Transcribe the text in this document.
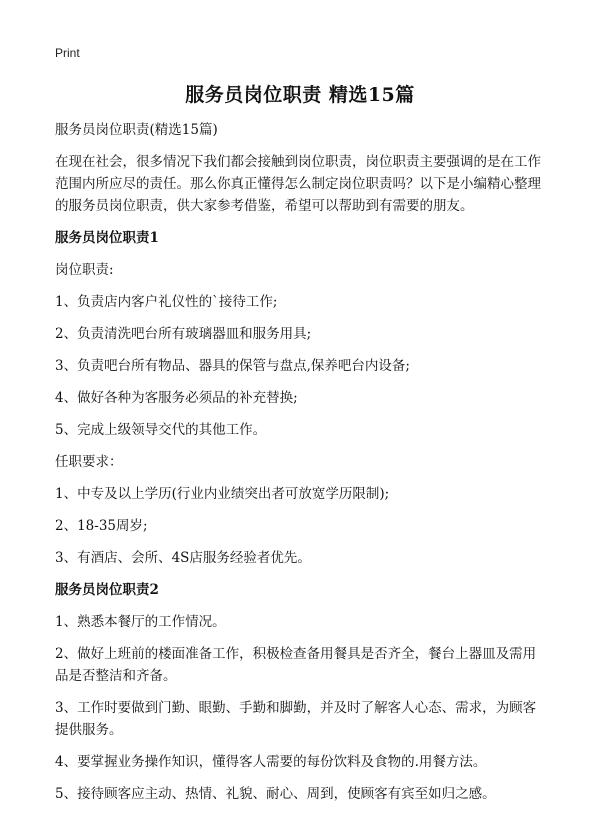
Print
服务员岗位职责 精选15篇

服务员岗位职责(精选15篇)

在现在社会，很多情况下我们都会接触到岗位职责，岗位职责主要强调的是在工作范围内所应尽的责任。那么你真正懂得怎么制定岗位职责吗？以下是小编精心整理的服务员岗位职责，供大家参考借鉴，希望可以帮助到有需要的朋友。

服务员岗位职责1

岗位职责:

1、负责店内客户礼仪性的`接待工作;

2、负责清洗吧台所有玻璃器皿和服务用具;

3、负责吧台所有物品、器具的保管与盘点,保养吧台内设备;

4、做好各种为客服务必须品的补充替换;

5、完成上级领导交代的其他工作。

任职要求：

1、中专及以上学历(行业内业绩突出者可放宽学历限制);

2、18-35周岁;

3、有酒店、会所、4S店服务经验者优先。

服务员岗位职责2

1、熟悉本餐厅的工作情况。

2、做好上班前的楼面准备工作，积极检查备用餐具是否齐全，餐台上器皿及需用品是否整洁和齐备。

3、工作时要做到门勤、眼勤、手勤和脚勤，并及时了解客人心态、需求，为顾客提供服务。

4、要掌握业务操作知识，懂得客人需要的每份饮料及食物的.用餐方法。

5、接待顾客应主动、热情、礼貌、耐心、周到，使顾客有宾至如归之感。
